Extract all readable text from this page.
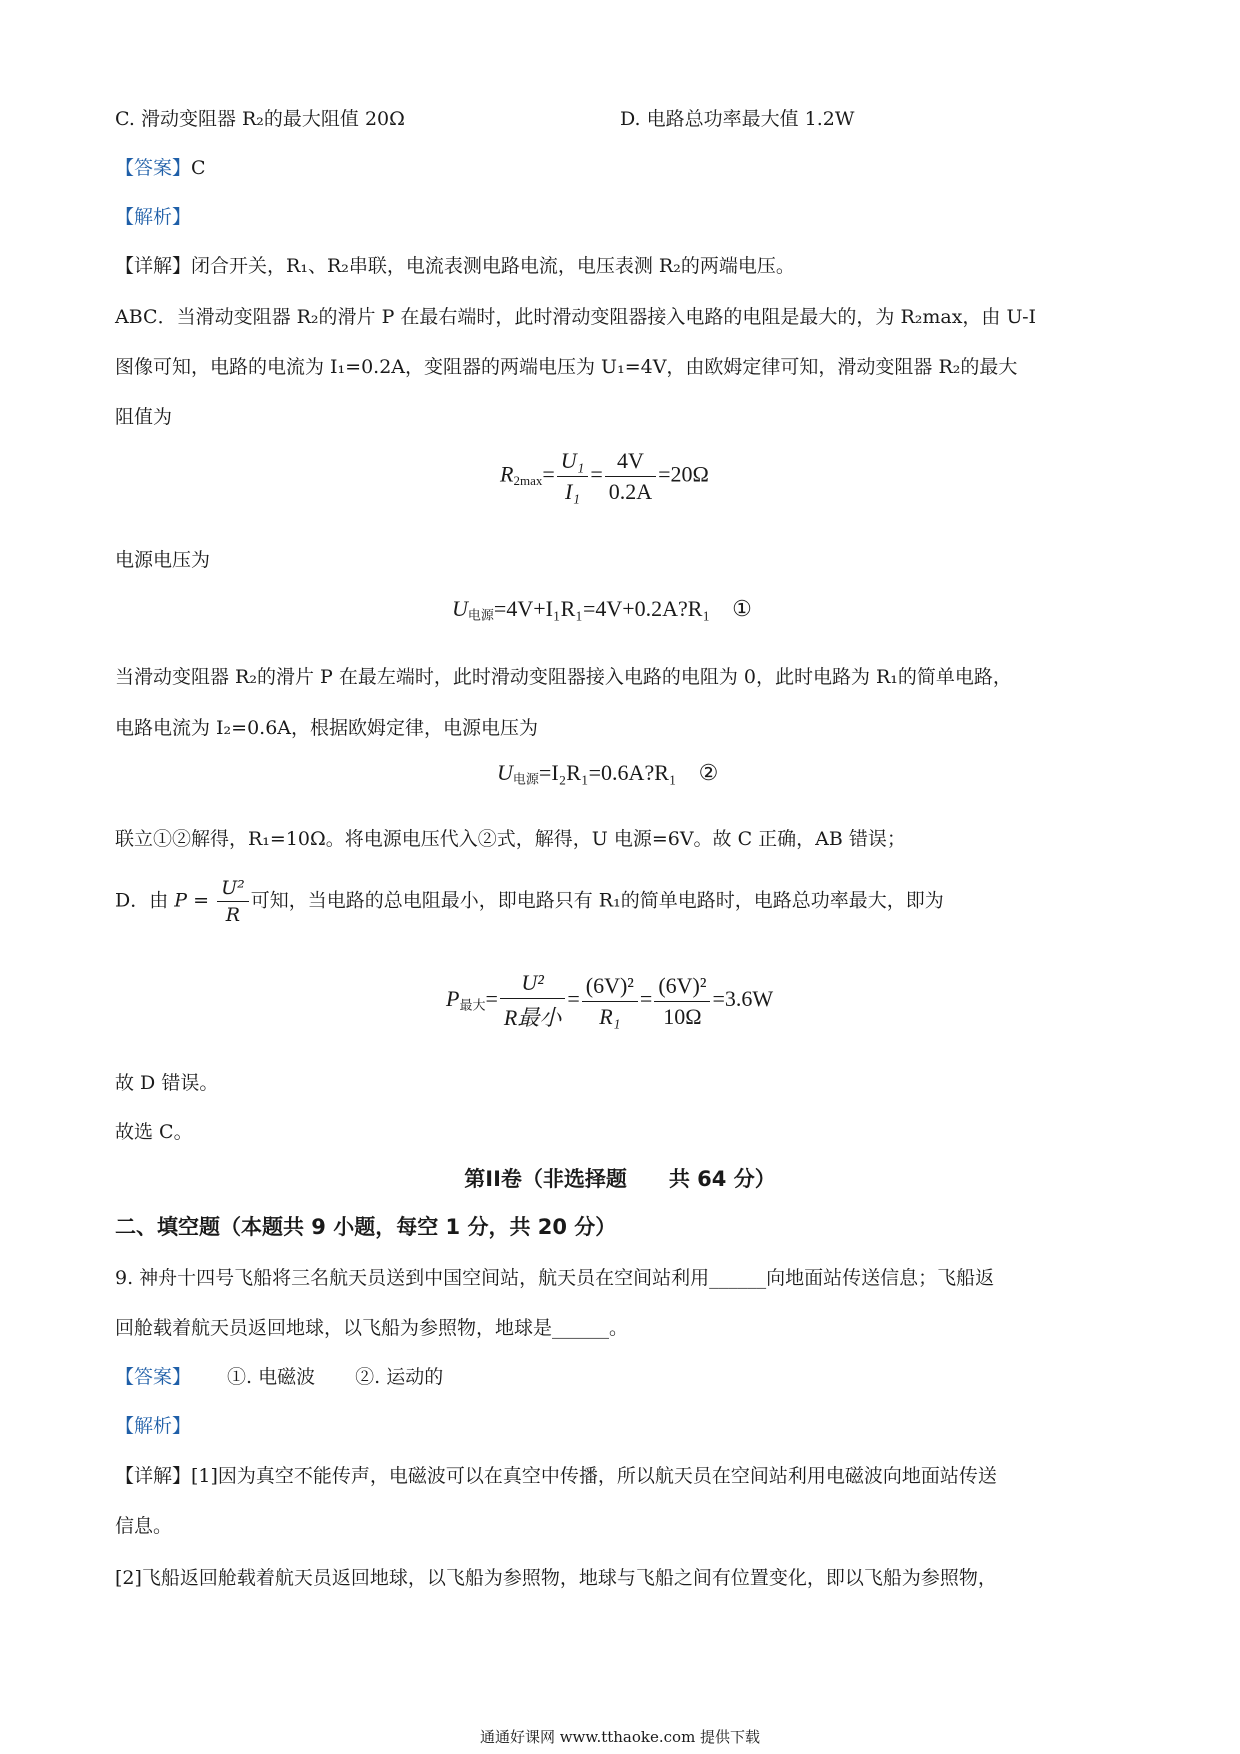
C. 滑动变阻器 R₂的最大阻值 20Ω	D. 电路总功率最大值 1.2W
【答案】C
【解析】
【详解】闭合开关，R₁、R₂串联，电流表测电路电流，电压表测 R₂的两端电压。
ABC．当滑动变阻器 R₂的滑片 P 在最右端时，此时滑动变阻器接入电路的电阻是最大的，为 R₂max，由 U-I
图像可知，电路的电流为 I₁=0.2A，变阻器的两端电压为 U₁=4V，由欧姆定律可知，滑动变阻器 R₂的最大
阻值为
$R_{2max}= \frac{\text{U₁}}{\text{I₁}} = \frac{4V}{0.2A} =20\Omega$
电源电压为
$U_{电源}=4V+I_1R_1=4V+0.2A?R_1$ ①
当滑动变阻器 R₂的滑片 P 在最左端时，此时滑动变阻器接入电路的电阻为 0，此时电路为 R₁的简单电路，
电路电流为 I₂=0.6A，根据欧姆定律，电源电压为
$U_{电源}=I_2R_1=0.6A?R_1$ ②
联立①②解得，R₁=10Ω。将电源电压代入②式，解得，U 电源=6V。故 C 正确，AB 错误；
D．由 $P = \frac{\text{U²}}{R}$ 可知，当电路的总电阻最小，即电路只有 R₁的简单电路时，电路总功率最大，即为
$P_{最大}= \frac{\text{U²}}{\text{R最小}} = \frac{\text{(6V)²}}{\text{R₁}} = \frac{\text{(6V)²}}{10\Omega} =3.6W$
故 D 错误。
故选 C。
第II卷（非选择题　　共 64 分）
二、填空题（本题共 9 小题，每空 1 分，共 20 分）
9. 神舟十四号飞船将三名航天员送到中国空间站，航天员在空间站利用______向地面站传送信息；飞船返
回舱载着航天员返回地球，以飞船为参照物，地球是______。
【答案】 ①. 电磁波 ②. 运动的
【解析】
【详解】[1]因为真空不能传声，电磁波可以在真空中传播，所以航天员在空间站利用电磁波向地面站传送
信息。
[2]飞船返回舱载着航天员返回地球，以飞船为参照物，地球与飞船之间有位置变化，即以飞船为参照物，
通通好课网 www.tthaoke.com 提供下载
